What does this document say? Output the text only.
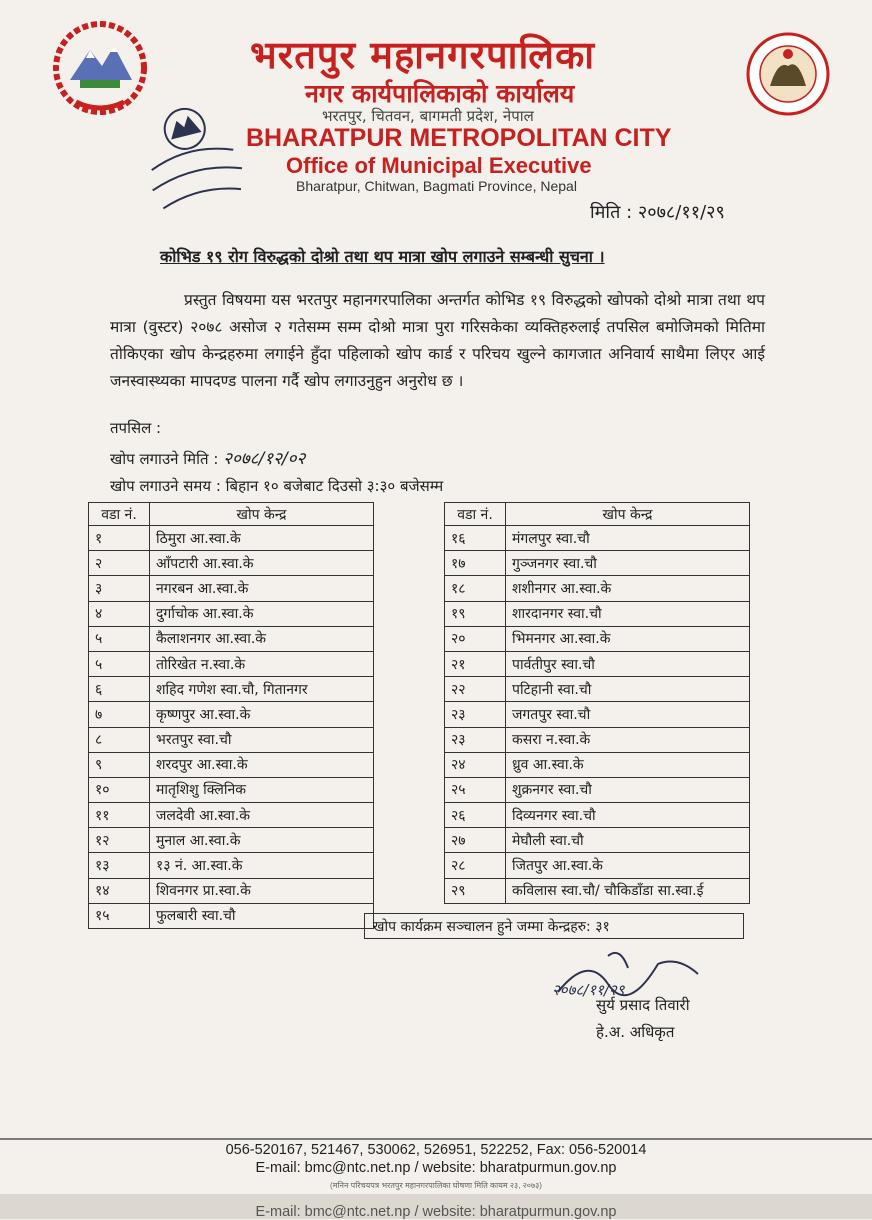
भरतपुर महानगरपालिका
नगर कार्यपालिकाको कार्यालय
भरतपुर, चितवन, बागमती प्रदेश, नेपाल
BHARATPUR METROPOLITAN CITY
Office of Municipal Executive
Bharatpur, Chitwan, Bagmati Province, Nepal
मिति : २०७८/११/२९
कोभिड १९ रोग विरुद्धको दोश्रो तथा थप मात्रा खोप लगाउने सम्बन्धी सुचना ।
प्रस्तुत विषयमा यस भरतपुर महानगरपालिका अन्तर्गत कोभिड १९ विरुद्धको खोपको दोश्रो मात्रा तथा थप मात्रा (वुस्टर) २०७८ असोज २ गतेसम्म सम्म दोश्रो मात्रा पुरा गरिसकेका व्यक्तिहरुलाई तपसिल बमोजिमको मितिमा तोकिएका खोप केन्द्रहरुमा लगाईने हुँदा पहिलाको खोप कार्ड र परिचय खुल्ने कागजात अनिवार्य साथैमा लिएर आई जनस्वास्थ्यका मापदण्ड पालना गर्दै खोप लगाउनुहुन अनुरोध छ ।
तपसिल :
खोप लगाउने मिति : २०७८/१२/०२
खोप लगाउने समय : बिहान १० बजेबाट दिउसो ३:३० बजेसम्म
वडा नं.	खोप केन्द्र
१	ठिमुरा आ.स्वा.के
२	आँपटारी आ.स्वा.के
३	नगरबन आ.स्वा.के
४	दुर्गाचोक आ.स्वा.के
५	कैलाशनगर आ.स्वा.के
५	तोरिखेत न.स्वा.के
६	शहिद गणेश स्वा.चौ, गितानगर
७	कृष्णपुर आ.स्वा.के
८	भरतपुर स्वा.चौ
९	शरदपुर आ.स्वा.के
१०	मातृशिशु क्लिनिक
११	जलदेवी आ.स्वा.के
१२	मुनाल आ.स्वा.के
१३	१३ नं. आ.स्वा.के
१४	शिवनगर प्रा.स्वा.के
१५	फुलबारी स्वा.चौ
वडा नं.	खोप केन्द्र
१६	मंगलपुर स्वा.चौ
१७	गुञ्जनगर स्वा.चौ
१८	शशीनगर आ.स्वा.के
१९	शारदानगर स्वा.चौ
२०	भिमनगर आ.स्वा.के
२१	पार्वतीपुर स्वा.चौ
२२	पटिहानी स्वा.चौ
२३	जगतपुर स्वा.चौ
२३	कसरा न.स्वा.के
२४	ध्रुव आ.स्वा.के
२५	शुक्रनगर स्वा.चौ
२६	दिव्यनगर स्वा.चौ
२७	मेघौली स्वा.चौ
२८	जितपुर आ.स्वा.के
२९	कविलास स्वा.चौ/ चौकिडाँडा सा.स्वा.ई
खोप कार्यक्रम सञ्चालन हुने जम्मा केन्द्रहरु: ३१
२०७८/११/२९
सुर्य प्रसाद तिवारी
हे.अ. अधिकृत
056-520167, 521467, 530062, 526951, 522252, Fax: 056-520014
E-mail: bmc@ntc.net.np / website: bharatpurmun.gov.np
(मनिन परिचयपत्र भरतपुर महानगरपालिका घोषणा मिति कायम २३, २०७३)
E-mail: bmc@ntc.net.np / website: bharatpurmun.gov.np
